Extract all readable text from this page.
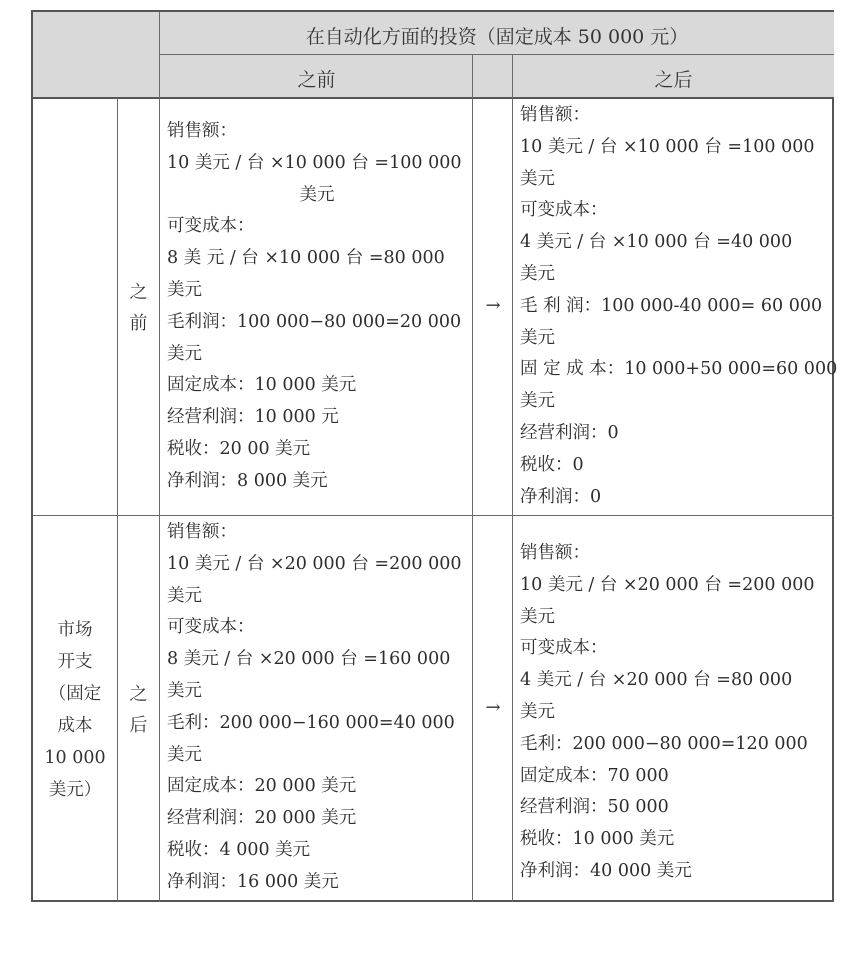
在自动化方面的投资（固定成本 50 000 元）
之前	之后
之
前
销售额：
10 美元 / 台 ×10 000 台 =100 000
美元
可变成本：
8 美 元 / 台 ×10 000 台 =80 000
美元
毛利润：100 000−80 000=20 000
美元
固定成本：10 000 美元
经营利润：10 000 元
税收：20 00 美元
净利润：8 000 美元
→
销售额：
10 美元 / 台 ×10 000 台 =100 000
美元
可变成本：
4 美元 / 台 ×10 000 台 =40 000
美元
毛 利 润：100 000-40 000= 60 000
美元
固 定 成 本：10 000+50 000=60 000
美元
经营利润：0
税收：0
净利润：0
市场
开支
（固定
成本
10 000
美元）
之
后
销售额：
10 美元 / 台 ×20 000 台 =200 000
美元
可变成本：
8 美元 / 台 ×20 000 台 =160 000
美元
毛利：200 000−160 000=40 000
美元
固定成本：20 000 美元
经营利润：20 000 美元
税收：4 000 美元
净利润：16 000 美元
→
销售额：
10 美元 / 台 ×20 000 台 =200 000
美元
可变成本：
4 美元 / 台 ×20 000 台 =80 000
美元
毛利：200 000−80 000=120 000
固定成本：70 000
经营利润：50 000
税收：10 000 美元
净利润：40 000 美元
